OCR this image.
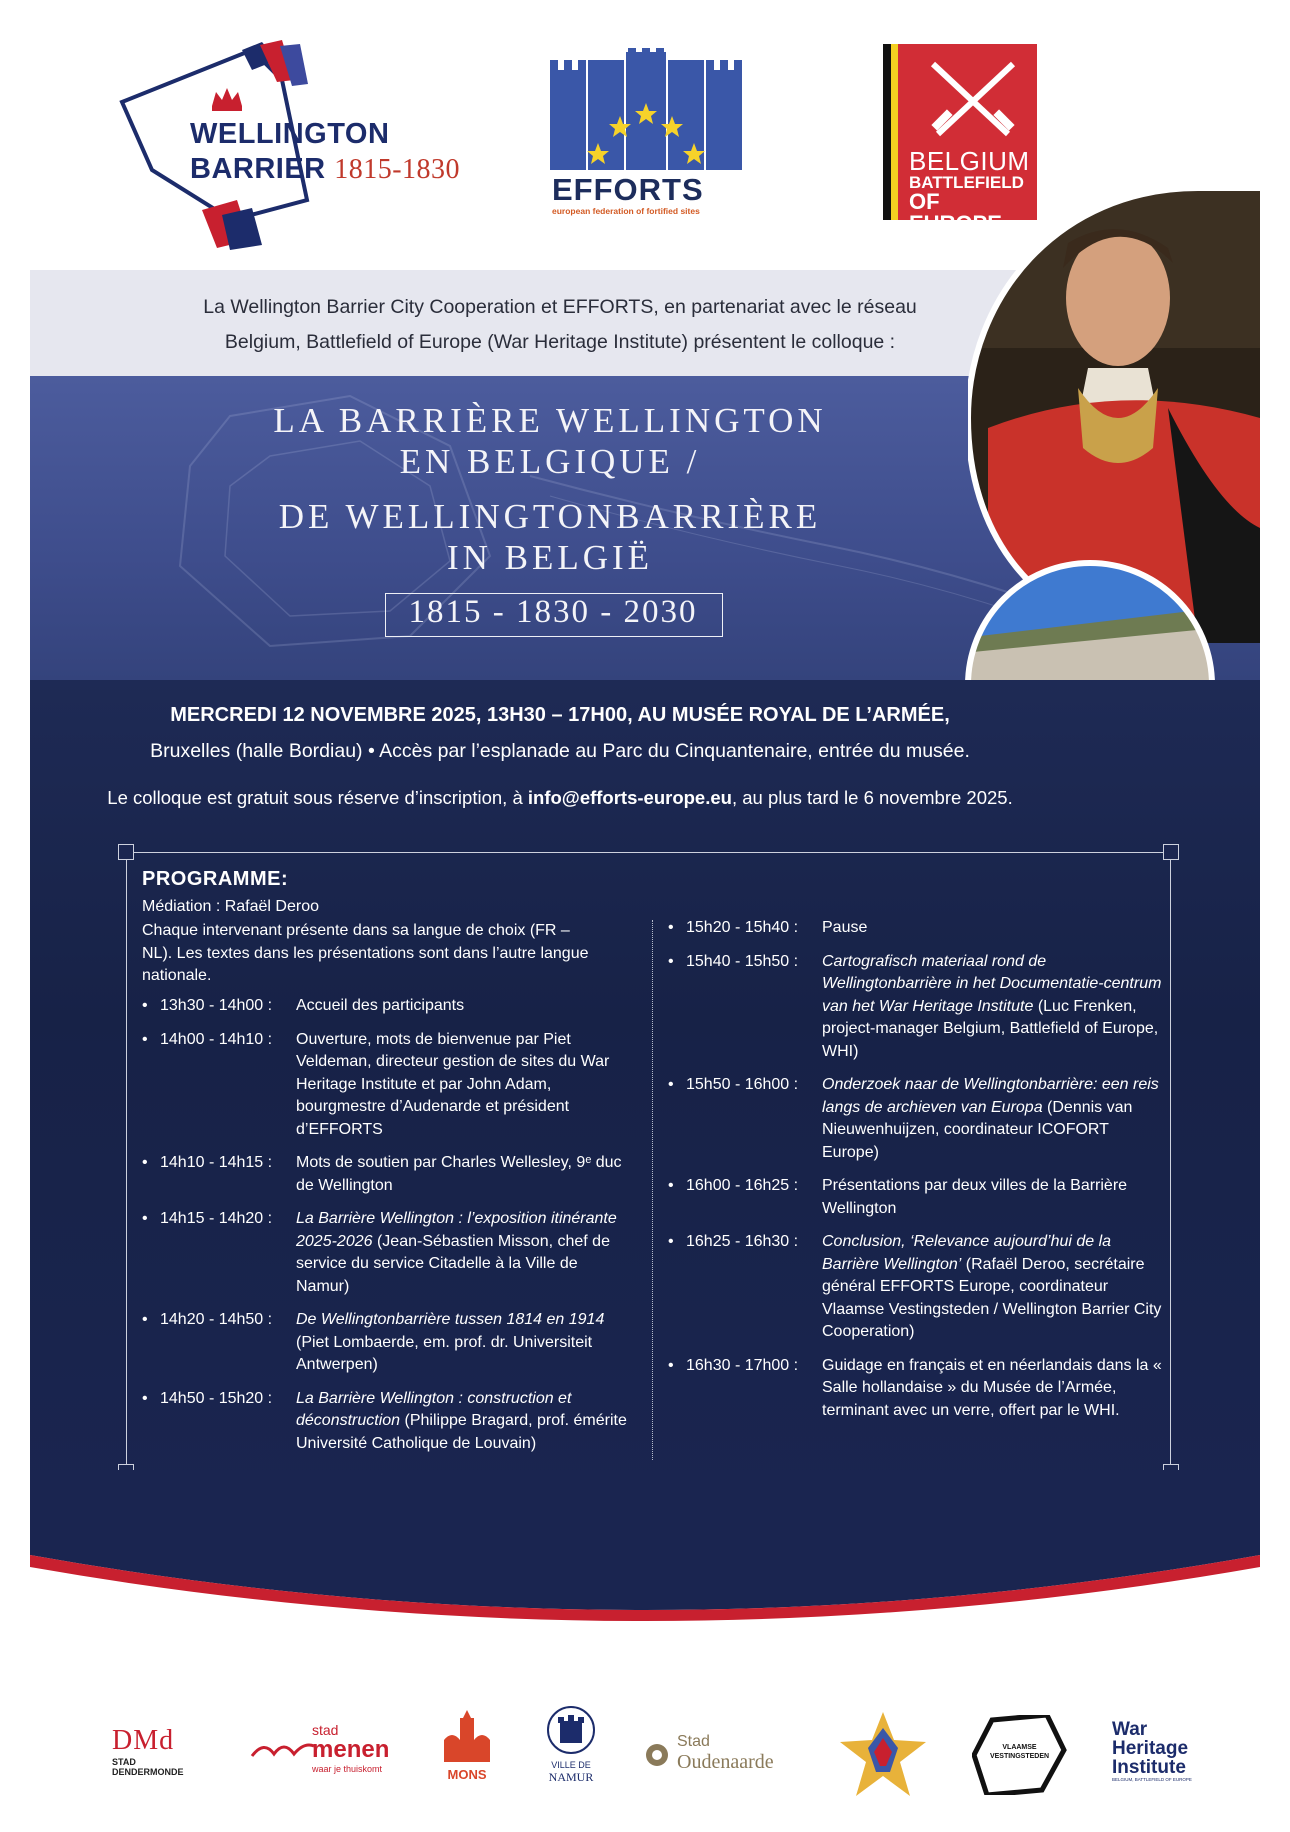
WELLINGTON
BARRIER 1815-1830
EFFORTS
european federation of fortified sites
BELGIUM
BATTLEFIELD
OF EUROPE
La Wellington Barrier City Cooperation et EFFORTS, en partenariat avec le réseau
Belgium, Battlefield of Europe (War Heritage Institute) présentent le colloque :
LA BARRIÈRE WELLINGTON
EN BELGIQUE /
DE WELLINGTONBARRIÈRE
IN BELGIË
1815 - 1830 - 2030
MERCREDI 12 NOVEMBRE 2025, 13H30 – 17H00, AU MUSÉE ROYAL DE L’ARMÉE,
Bruxelles (halle Bordiau) • Accès par l’esplanade au Parc du Cinquantenaire, entrée du musée.
Le colloque est gratuit sous réserve d’inscription, à info@efforts-europe.eu, au plus tard le 6 novembre 2025.
PROGRAMME:
Médiation : Rafaël Deroo
Chaque intervenant présente dans sa langue de choix (FR – NL). Les textes dans les présentations sont dans l’autre langue nationale.
• 13h30 - 14h00 : Accueil des participants
• 14h00 - 14h10 : Ouverture, mots de bienvenue par Piet Veldeman, directeur gestion de sites du War Heritage Institute et par John Adam, bourgmestre d’Audenarde et président d’EFFORTS
• 14h10 - 14h15 : Mots de soutien par Charles Wellesley, 9ᵉ duc de Wellington
• 14h15 - 14h20 : La Barrière Wellington : l’exposition itinérante 2025-2026 (Jean-Sébastien Misson, chef de service du service Citadelle à la Ville de Namur)
• 14h20 - 14h50 : De Wellingtonbarrière tussen 1814 en 1914 (Piet Lombaerde, em. prof. dr. Universiteit Antwerpen)
• 14h50 - 15h20 : La Barrière Wellington : construction et déconstruction (Philippe Bragard, prof. émérite Université Catholique de Louvain)
• 15h20 - 15h40 : Pause
• 15h40 - 15h50 : Cartografisch materiaal rond de Wellingtonbarrière in het Documentatie-centrum van het War Heritage Institute (Luc Frenken, project-manager Belgium, Battlefield of Europe, WHI)
• 15h50 - 16h00 : Onderzoek naar de Wellingtonbarrière: een reis langs de archieven van Europa (Dennis van Nieuwenhuijzen, coordinateur ICOFORT Europe)
• 16h00 - 16h25 : Présentations par deux villes de la Barrière Wellington
• 16h25 - 16h30 : Conclusion, ‘Relevance aujourd’hui de la Barrière Wellington’ (Rafaël Deroo, secrétaire général EFFORTS Europe, coordinateur Vlaamse Vestingsteden / Wellington Barrier City Cooperation)
• 16h30 - 17h00 : Guidage en français et en néerlandais dans la « Salle hollandaise » du Musée de l’Armée, terminant avec un verre, offert par le WHI.
DMd
STAD
DENDERMONDE
stad
menen
waar je thuiskomt	MONS
VILLE DE
NAMUR
Stad
Oudenaarde
VLAAMSE
VESTINGSTEDEN
War
Heritage
Institute
BELGIUM, BATTLEFIELD OF EUROPE
